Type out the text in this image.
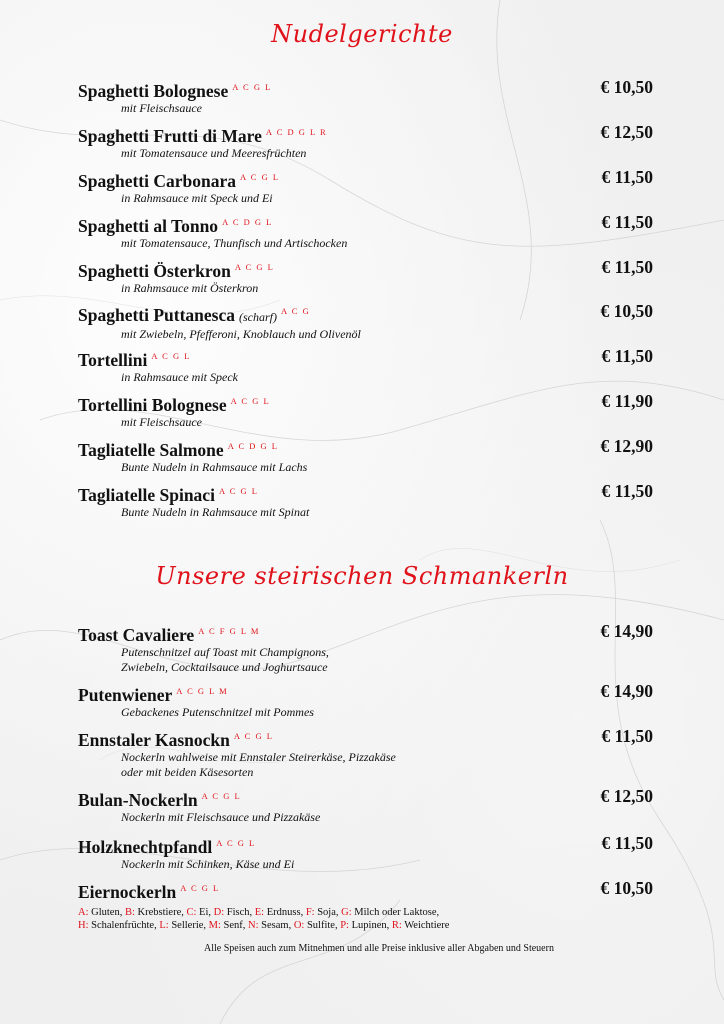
Nudelgerichte
Spaghetti Bolognese $^{A C G L}$	€ 10,50
mit Fleischsauce
Spaghetti Frutti di Mare $^{A C D G L R}$	€ 12,50
mit Tomatensauce und Meeresfrüchten
Spaghetti Carbonara $^{A C G L}$	€ 11,50
in Rahmsauce mit Speck und Ei
Spaghetti al Tonno $^{A C D G L}$	€ 11,50
mit Tomatensauce, Thunfisch und Artischocken
Spaghetti Österkron $^{A C G L}$	€ 11,50
in Rahmsauce mit Österkron
Spaghetti Puttanesca (scharf) $^{A C G}$	€ 10,50
mit Zwiebeln, Pfefferoni, Knoblauch und Olivenöl
Tortellini $^{A C G L}$	€ 11,50
in Rahmsauce mit Speck
Tortellini Bolognese $^{A C G L}$	€ 11,90
mit Fleischsauce
Tagliatelle Salmone $^{A C D G L}$	€ 12,90
Bunte Nudeln in Rahmsauce mit Lachs
Tagliatelle Spinaci $^{A C G L}$	€ 11,50
Bunte Nudeln in Rahmsauce mit Spinat
Unsere steirischen Schmankerln
Toast Cavaliere $^{A C F G L M}$	€ 14,90
Putenschnitzel auf Toast mit Champignons,
Zwiebeln, Cocktailsauce und Joghurtsauce
Putenwiener $^{A C G L M}$	€ 14,90
Gebackenes Putenschnitzel mit Pommes
Ennstaler Kasnockn $^{A C G L}$	€ 11,50
Nockerln wahlweise mit Ennstaler Steirerkäse, Pizzakäse
oder mit beiden Käsesorten
Bulan-Nockerln $^{A C G L}$	€ 12,50
Nockerln mit Fleischsauce und Pizzakäse
Holzknechtpfandl $^{A C G L}$	€ 11,50
Nockerln mit Schinken, Käse und Ei
Eiernockerln $^{A C G L}$	€ 10,50
A: Gluten, B: Krebstiere, C: Ei, D: Fisch, E: Erdnuss, F: Soja, G: Milch oder Laktose,
H: Schalenfrüchte, L: Sellerie, M: Senf, N: Sesam, O: Sulfite, P: Lupinen, R: Weichtiere
Alle Speisen auch zum Mitnehmen und alle Preise inklusive aller Abgaben und Steuern
